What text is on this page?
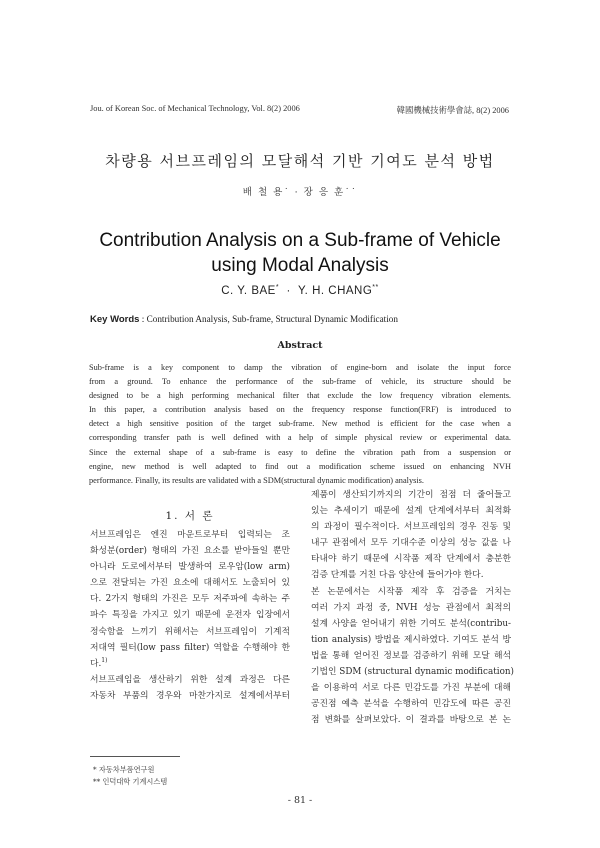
Jou. of Korean Soc. of Mechanical Technology, Vol. 8(2) 2006	韓國機械技術學會誌, 8(2) 2006
차량용 서브프레임의 모달해석 기반 기여도 분석 방법
배 철 용˙ · 장 응 훈˙˙
Contribution Analysis on a Sub-frame of Vehicle
using Modal Analysis
C. Y. BAE* · Y. H. CHANG**
Key Words : Contribution Analysis, Sub-frame, Structural Dynamic Modification
Abstract
Sub-frame is a key component to damp the vibration of engine-born and isolate the input force
from a ground. To enhance the performance of the sub-frame of vehicle, its structure should be
designed to be a high performing mechanical filter that exclude the low frequency vibration elements.
In this paper, a contribution analysis based on the frequency response function(FRF) is introduced to
detect a high sensitive position of the target sub-frame. New method is efficient for the case when a
corresponding transfer path is well defined with a help of simple physical review or experimental data.
Since the external shape of a sub-frame is easy to define the vibration path from a suspension or
engine, new method is well adapted to find out a modification scheme issued on enhancing NVH
performance. Finally, its results are validated with a SDM(structural dynamic modification) analysis.
1. 서 론
서브프레임은 엔진 마운트로부터 입력되는 조
화성분(order) 형태의 가진 요소를 받아들일 뿐만
아니라 도로에서부터 발생하여 로우암(low arm)
으로 전달되는 가진 요소에 대해서도 노출되어 있
다. 2가지 형태의 가진은 모두 저주파에 속하는 주
파수 특징을 가지고 있기 때문에 운전자 입장에서
정숙함을 느끼기 위해서는 서브프레임이 기계적
저대역 필터(low pass filter) 역할을 수행해야 한
다.$^{1)}$
서브프레임을 생산하기 위한 설계 과정은 다른
자동차 부품의 경우와 마찬가지로 설계에서부터
제품이 생산되기까지의 기간이 점점 더 줄어들고
있는 추세이기 때문에 설계 단계에서부터 최적화
의 과정이 필수적이다. 서브프레임의 경우 진동 및
내구 관점에서 모두 기대수준 이상의 성능 값을 나
타내야 하기 때문에 시작품 제작 단계에서 충분한
검증 단계를 거친 다음 양산에 들어가야 한다.
본 논문에서는 시작품 제작 후 검증을 거치는
여러 가지 과정 중, NVH 성능 관점에서 최적의
설계 사양을 얻어내기 위한 기여도 분석(contribu-
tion analysis) 방법을 제시하였다. 기여도 분석 방
법을 통해 얻어진 정보를 검증하기 위해 모달 해석
기법인 SDM (structural dynamic modification)
을 이용하여 서로 다른 민감도를 가진 부분에 대해
공진점 예측 분석을 수행하여 민감도에 따른 공진
점 변화를 살펴보았다. 이 결과를 바탕으로 본 논
* 자동차부품연구원
** 인덕대학 기계시스템
- 81 -
